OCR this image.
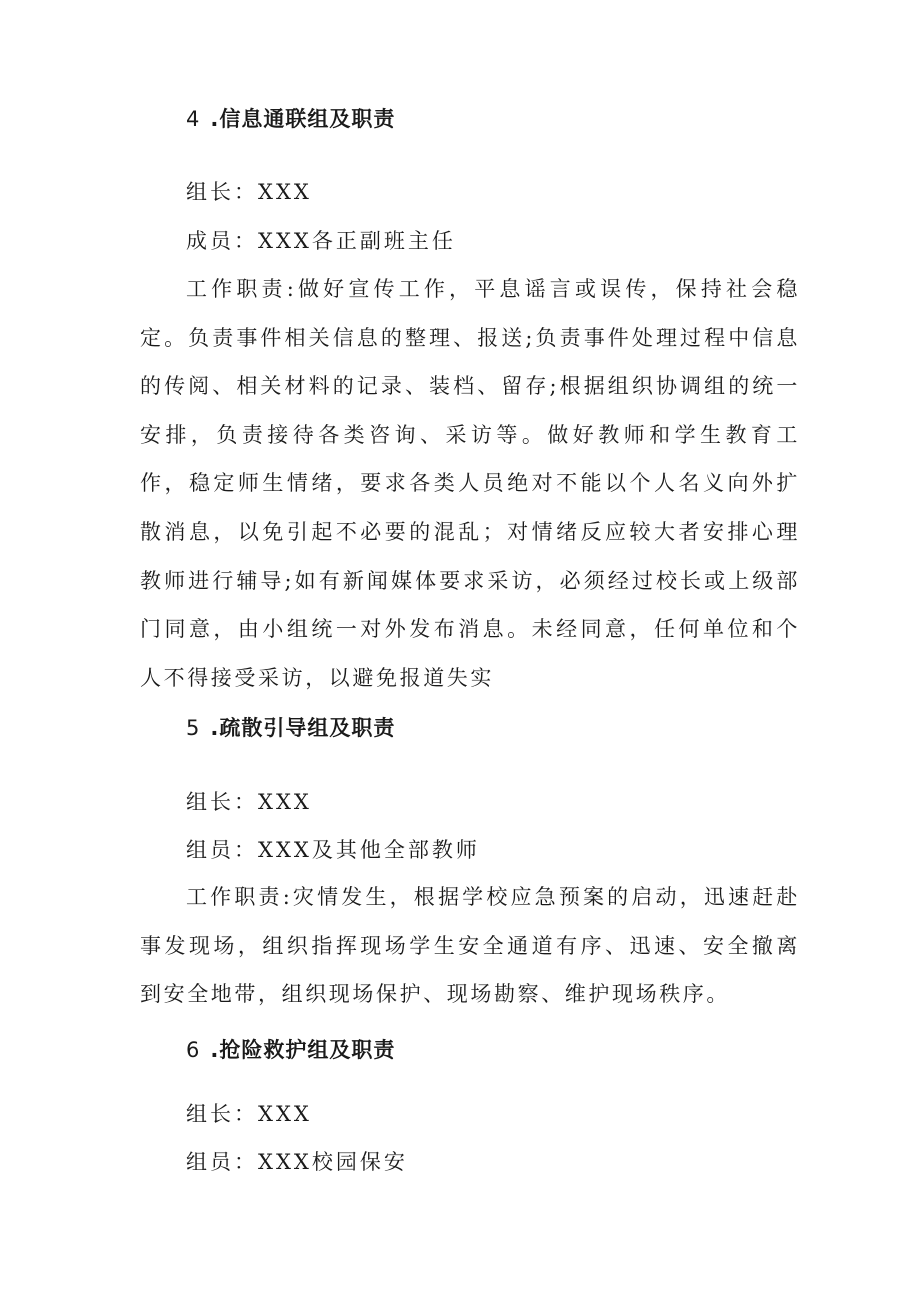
4 .信息通联组及职责
组长：XXX
成员：XXX各正副班主任
工作职责:做好宣传工作，平息谣言或误传，保持社会稳定。负责事件相关信息的整理、报送;负责事件处理过程中信息的传阅、相关材料的记录、装档、留存;根据组织协调组的统一安排，负责接待各类咨询、采访等。做好教师和学生教育工作，稳定师生情绪，要求各类人员绝对不能以个人名义向外扩散消息，以免引起不必要的混乱；对情绪反应较大者安排心理教师进行辅导;如有新闻媒体要求采访，必须经过校长或上级部门同意，由小组统一对外发布消息。未经同意，任何单位和个人不得接受采访，以避免报道失实
5 .疏散引导组及职责
组长：XXX
组员：XXX及其他全部教师
工作职责:灾情发生，根据学校应急预案的启动，迅速赶赴事发现场，组织指挥现场学生安全通道有序、迅速、安全撤离到安全地带，组织现场保护、现场勘察、维护现场秩序。
6 .抢险救护组及职责
组长：XXX
组员：XXX校园保安
